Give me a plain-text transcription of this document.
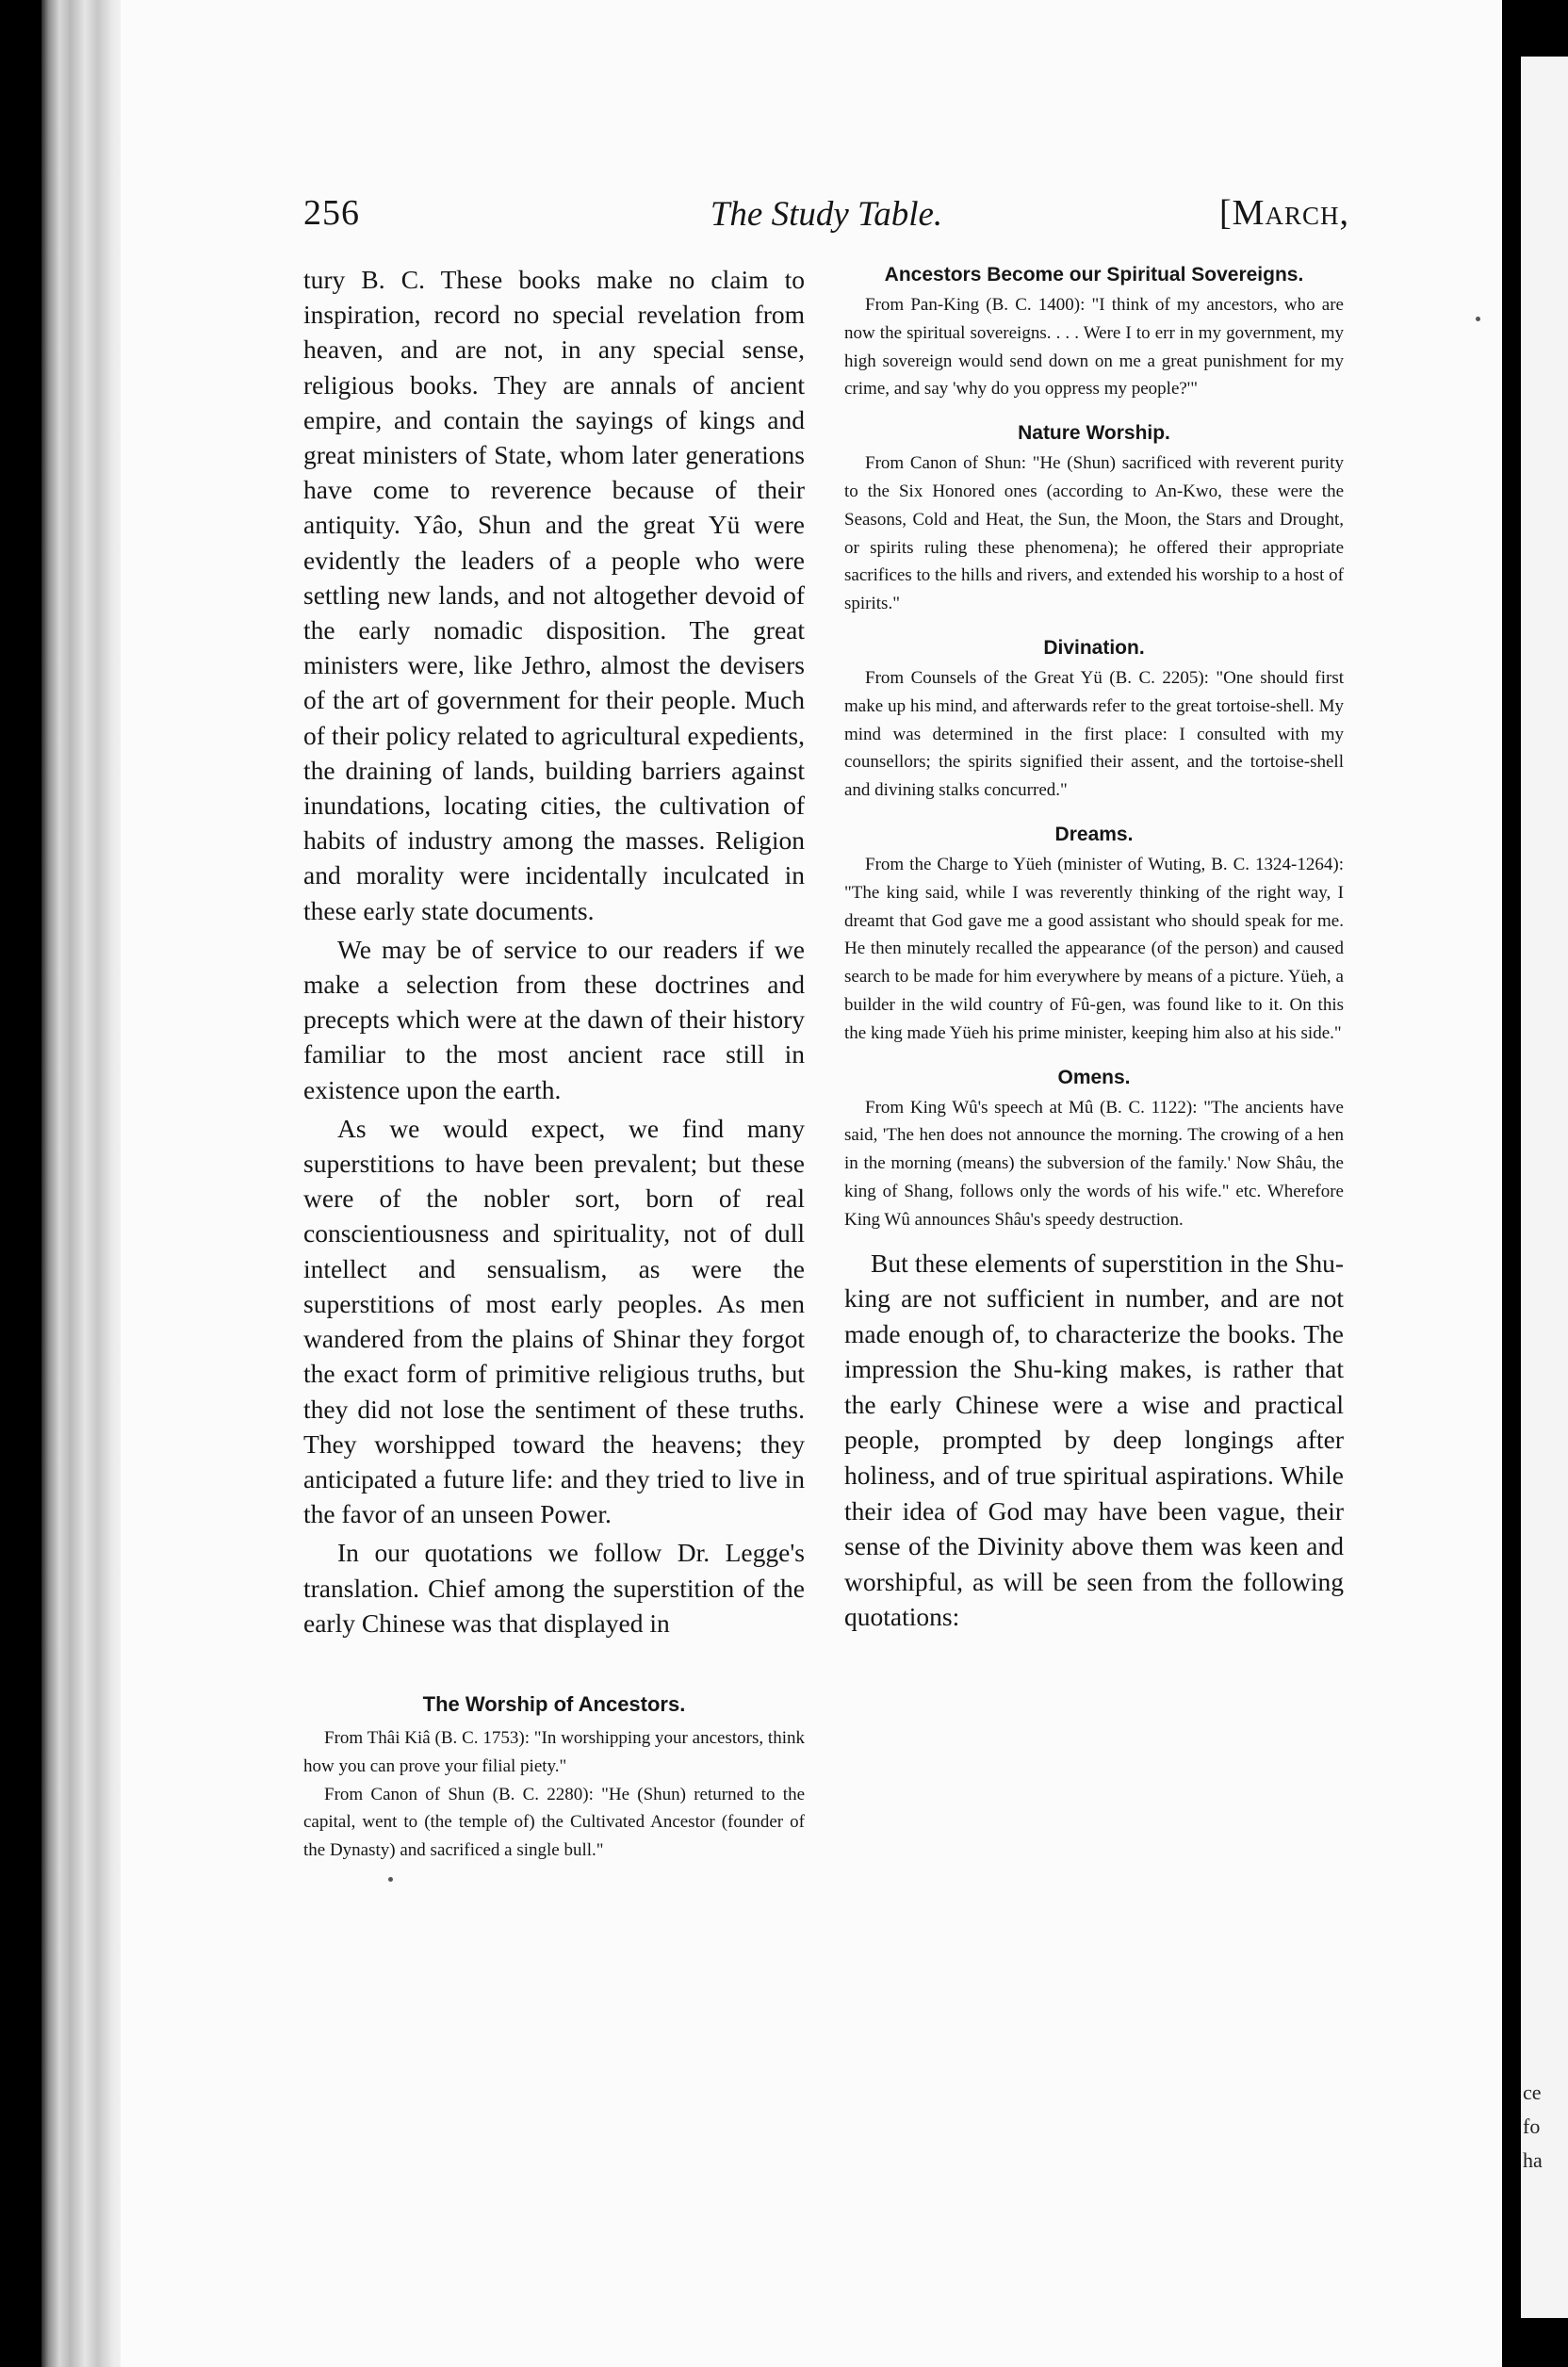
ce
fo
ha
256	The Study Table.	[March,

tury B. C. These books make no claim to inspiration, record no special revelation from heaven, and are not, in any special sense, religious books. They are annals of ancient empire, and contain the sayings of kings and great ministers of State, whom later generations have come to reverence because of their antiquity. Yâo, Shun and the great Yü were evidently the leaders of a people who were settling new lands, and not altogether devoid of the early nomadic disposition. The great ministers were, like Jethro, almost the devisers of the art of government for their people. Much of their policy related to agricultural expedients, the draining of lands, building barriers against inundations, locating cities, the cultivation of habits of industry among the masses. Religion and morality were incidentally inculcated in these early state documents.

We may be of service to our readers if we make a selection from these doctrines and precepts which were at the dawn of their history familiar to the most ancient race still in existence upon the earth.

As we would expect, we find many superstitions to have been prevalent; but these were of the nobler sort, born of real conscientiousness and spirituality, not of dull intellect and sensualism, as were the superstitions of most early peoples. As men wandered from the plains of Shinar they forgot the exact form of primitive religious truths, but they did not lose the sentiment of these truths. They worshipped toward the heavens; they anticipated a future life: and they tried to live in the favor of an unseen Power.

In our quotations we follow Dr. Legge's translation. Chief among the superstition of the early Chinese was that displayed in

The Worship of Ancestors.

From Thâi Kiâ (B. C. 1753): "In worshipping your ancestors, think how you can prove your filial piety."

From Canon of Shun (B. C. 2280): "He (Shun) returned to the capital, went to (the temple of) the Cultivated Ancestor (founder of the Dynasty) and sacrificed a single bull."

Ancestors Become our Spiritual Sovereigns.

From Pan-King (B. C. 1400): "I think of my ancestors, who are now the spiritual sovereigns. . . . Were I to err in my government, my high sovereign would send down on me a great punishment for my crime, and say 'why do you oppress my people?'"

Nature Worship.

From Canon of Shun: "He (Shun) sacrificed with reverent purity to the Six Honored ones (according to An-Kwo, these were the Seasons, Cold and Heat, the Sun, the Moon, the Stars and Drought, or spirits ruling these phenomena); he offered their appropriate sacrifices to the hills and rivers, and extended his worship to a host of spirits."

Divination.

From Counsels of the Great Yü (B. C. 2205): "One should first make up his mind, and afterwards refer to the great tortoise-shell. My mind was determined in the first place: I consulted with my counsellors; the spirits signified their assent, and the tortoise-shell and divining stalks concurred."

Dreams.

From the Charge to Yüeh (minister of Wuting, B. C. 1324-1264): "The king said, while I was reverently thinking of the right way, I dreamt that God gave me a good assistant who should speak for me. He then minutely recalled the appearance (of the person) and caused search to be made for him everywhere by means of a picture. Yüeh, a builder in the wild country of Fû-gen, was found like to it. On this the king made Yüeh his prime minister, keeping him also at his side."

Omens.

From King Wû's speech at Mû (B. C. 1122): "The ancients have said, 'The hen does not announce the morning. The crowing of a hen in the morning (means) the subversion of the family.' Now Shâu, the king of Shang, follows only the words of his wife." etc. Wherefore King Wû announces Shâu's speedy destruction.

But these elements of superstition in the Shu-king are not sufficient in number, and are not made enough of, to characterize the books. The impression the Shu-king makes, is rather that the early Chinese were a wise and practical people, prompted by deep longings after holiness, and of true spiritual aspirations. While their idea of God may have been vague, their sense of the Divinity above them was keen and worshipful, as will be seen from the following quotations:
